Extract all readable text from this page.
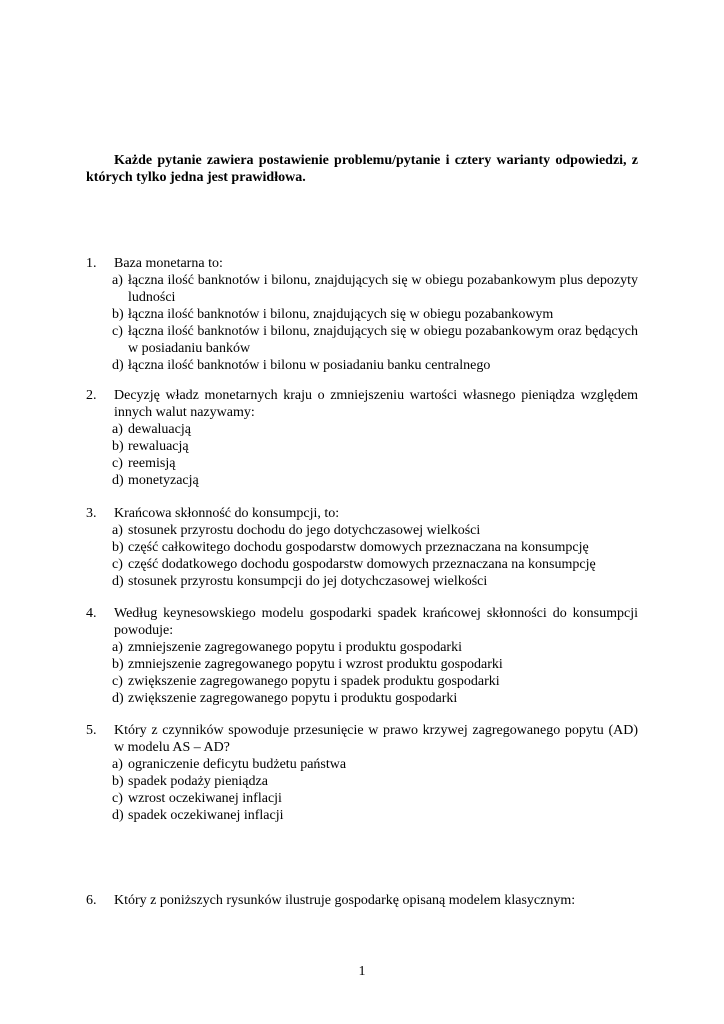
Każde pytanie zawiera postawienie problemu/pytanie i cztery warianty odpowiedzi, z których tylko jedna jest prawidłowa.
1. Baza monetarna to:
a) łączna ilość banknotów i bilonu, znajdujących się w obiegu pozabankowym plus depozyty ludności
b) łączna ilość banknotów i bilonu, znajdujących się w obiegu pozabankowym
c) łączna ilość banknotów i bilonu, znajdujących się w obiegu pozabankowym oraz będących w posiadaniu banków
d) łączna ilość banknotów i bilonu w posiadaniu banku centralnego
2. Decyzję władz monetarnych kraju o zmniejszeniu wartości własnego pieniądza względem innych walut nazywamy:
a) dewaluacją
b) rewaluacją
c) reemisją
d) monetyzacją
3. Krańcowa skłonność do konsumpcji, to:
a) stosunek przyrostu dochodu do jego dotychczasowej wielkości
b) część całkowitego dochodu gospodarstw domowych przeznaczana na konsumpcję
c) część dodatkowego dochodu gospodarstw domowych przeznaczana na konsumpcję
d) stosunek przyrostu konsumpcji do jej dotychczasowej wielkości
4. Według keynesowskiego modelu gospodarki spadek krańcowej skłonności do konsumpcji powoduje:
a) zmniejszenie zagregowanego popytu i produktu gospodarki
b) zmniejszenie zagregowanego popytu i wzrost produktu gospodarki
c) zwiększenie zagregowanego popytu i spadek produktu gospodarki
d) zwiększenie zagregowanego popytu i produktu gospodarki
5. Który z czynników spowoduje przesunięcie w prawo krzywej zagregowanego popytu (AD) w modelu AS – AD?
a) ograniczenie deficytu budżetu państwa
b) spadek podaży pieniądza
c) wzrost oczekiwanej inflacji
d) spadek oczekiwanej inflacji
6. Który z poniższych rysunków ilustruje gospodarkę opisaną modelem klasycznym:
1
